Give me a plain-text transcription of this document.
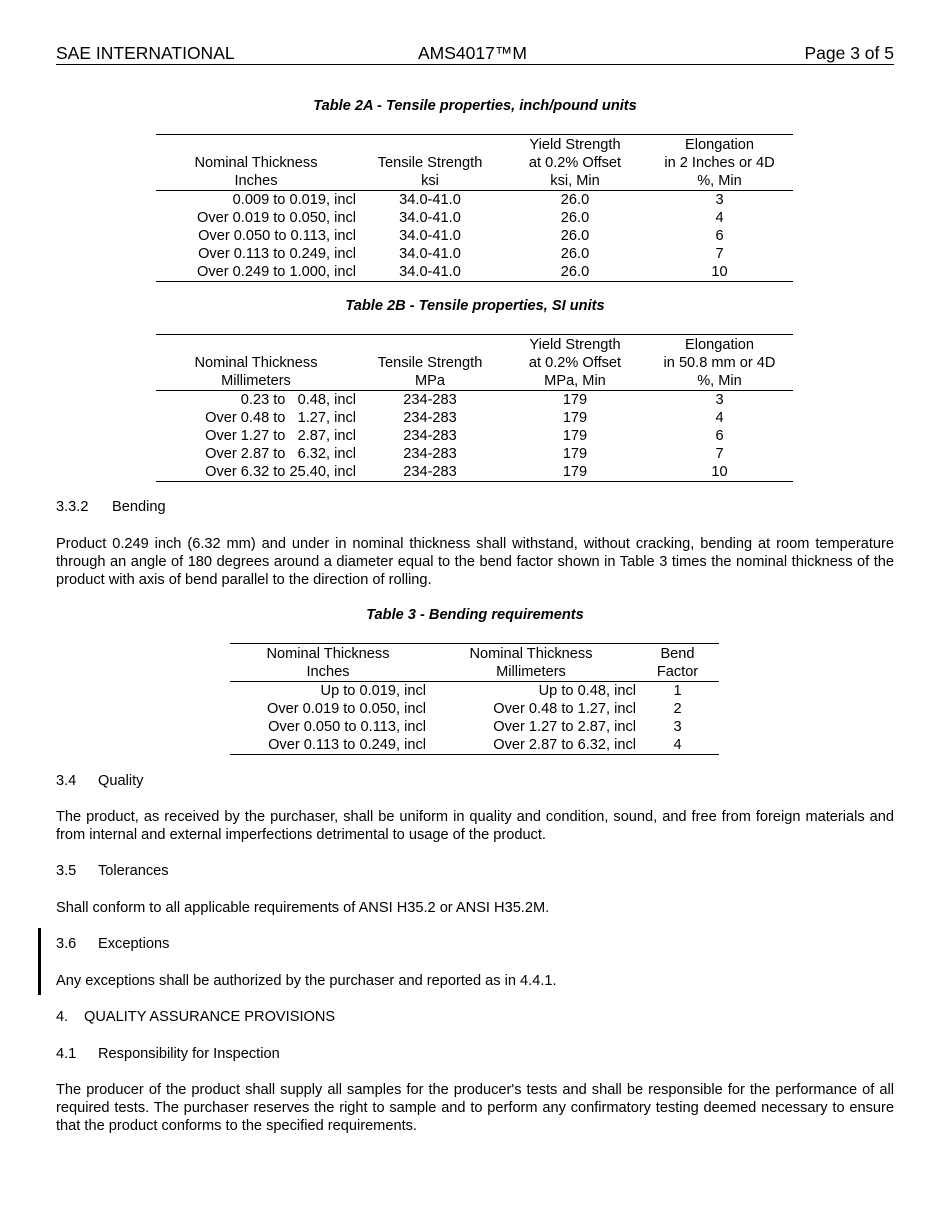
SAE INTERNATIONAL	AMS4017™M	Page 3 of 5
Table 2A - Tensile properties, inch/pound units
		Yield Strength	Elongation
Nominal Thickness	Tensile Strength	at 0.2% Offset	in 2 Inches or 4D
Inches	ksi	ksi, Min	%, Min
0.009 to 0.019, incl	34.0-41.0	26.0	3
Over 0.019 to 0.050, incl	34.0-41.0	26.0	4
Over 0.050 to 0.113, incl	34.0-41.0	26.0	6
Over 0.113 to 0.249, incl	34.0-41.0	26.0	7
Over 0.249 to 1.000, incl	34.0-41.0	26.0	10
Table 2B - Tensile properties, SI units
		Yield Strength	Elongation
Nominal Thickness	Tensile Strength	at 0.2% Offset	in 50.8 mm or 4D
Millimeters	MPa	MPa, Min	%, Min
0.23 to   0.48, incl	234-283	179	3
Over 0.48 to   1.27, incl	234-283	179	4
Over 1.27 to   2.87, incl	234-283	179	6
Over 2.87 to   6.32, incl	234-283	179	7
Over 6.32 to 25.40, incl	234-283	179	10
3.3.2 Bending
Product 0.249 inch (6.32 mm) and under in nominal thickness shall withstand, without cracking, bending at room temperature through an angle of 180 degrees around a diameter equal to the bend factor shown in Table 3 times the nominal thickness of the product with axis of bend parallel to the direction of rolling.
Table 3 - Bending requirements
Nominal Thickness	Nominal Thickness	Bend
Inches	Millimeters	Factor
Up to 0.019, incl	Up to 0.48, incl	1
Over 0.019 to 0.050, incl	Over 0.48 to 1.27, incl	2
Over 0.050 to 0.113, incl	Over 1.27 to 2.87, incl	3
Over 0.113 to 0.249, incl	Over 2.87 to 6.32, incl	4
3.4 Quality
The product, as received by the purchaser, shall be uniform in quality and condition, sound, and free from foreign materials and from internal and external imperfections detrimental to usage of the product.
3.5 Tolerances
Shall conform to all applicable requirements of ANSI H35.2 or ANSI H35.2M.
3.6 Exceptions
Any exceptions shall be authorized by the purchaser and reported as in 4.4.1.
4. QUALITY ASSURANCE PROVISIONS
4.1 Responsibility for Inspection
The producer of the product shall supply all samples for the producer's tests and shall be responsible for the performance of all required tests. The purchaser reserves the right to sample and to perform any confirmatory testing deemed necessary to ensure that the product conforms to the specified requirements.
